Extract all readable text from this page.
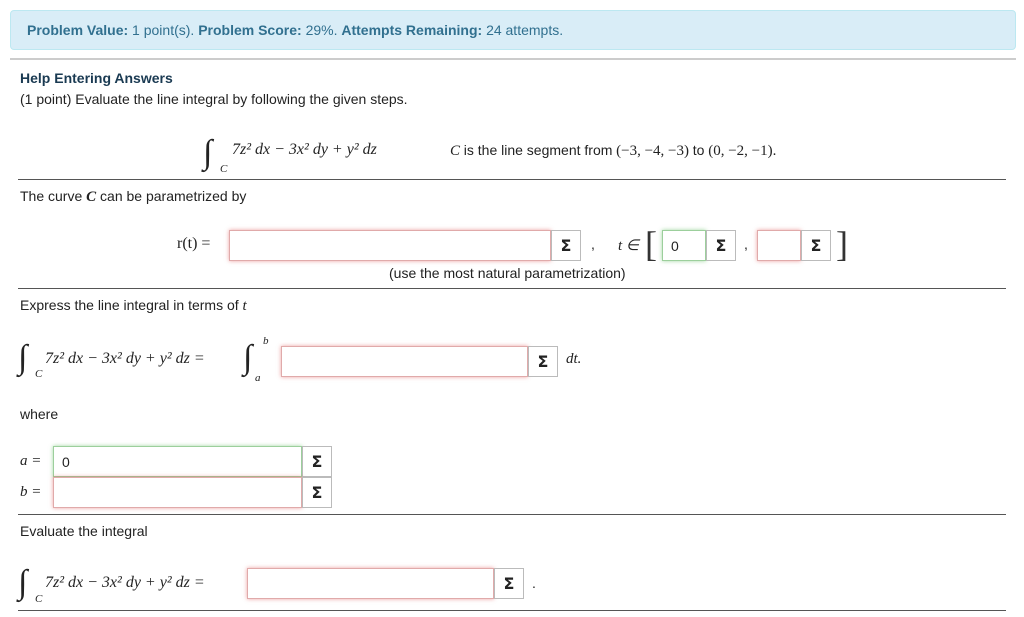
Problem Value: 1 point(s). Problem Score: 29%. Attempts Remaining: 24 attempts.
Help Entering Answers
(1 point) Evaluate the line integral by following the given steps.
∫ C
7z² dx − 3x² dy + y² dz	C is the line segment from (−3, −4, −3) to (0, −2, −1).
The curve C can be parametrized by
r(t) =	Σ	, t ∈ [
0	Σ	,	Σ ]
(use the most natural parametrization)
Express the line integral in terms of t
∫ C
7z² dx − 3x² dy + y² dz = ∫ b
a
Σ	dt.
where
a =
0	Σ
b =	Σ
Evaluate the integral
∫ C
7z² dx − 3x² dy + y² dz =	Σ	.
